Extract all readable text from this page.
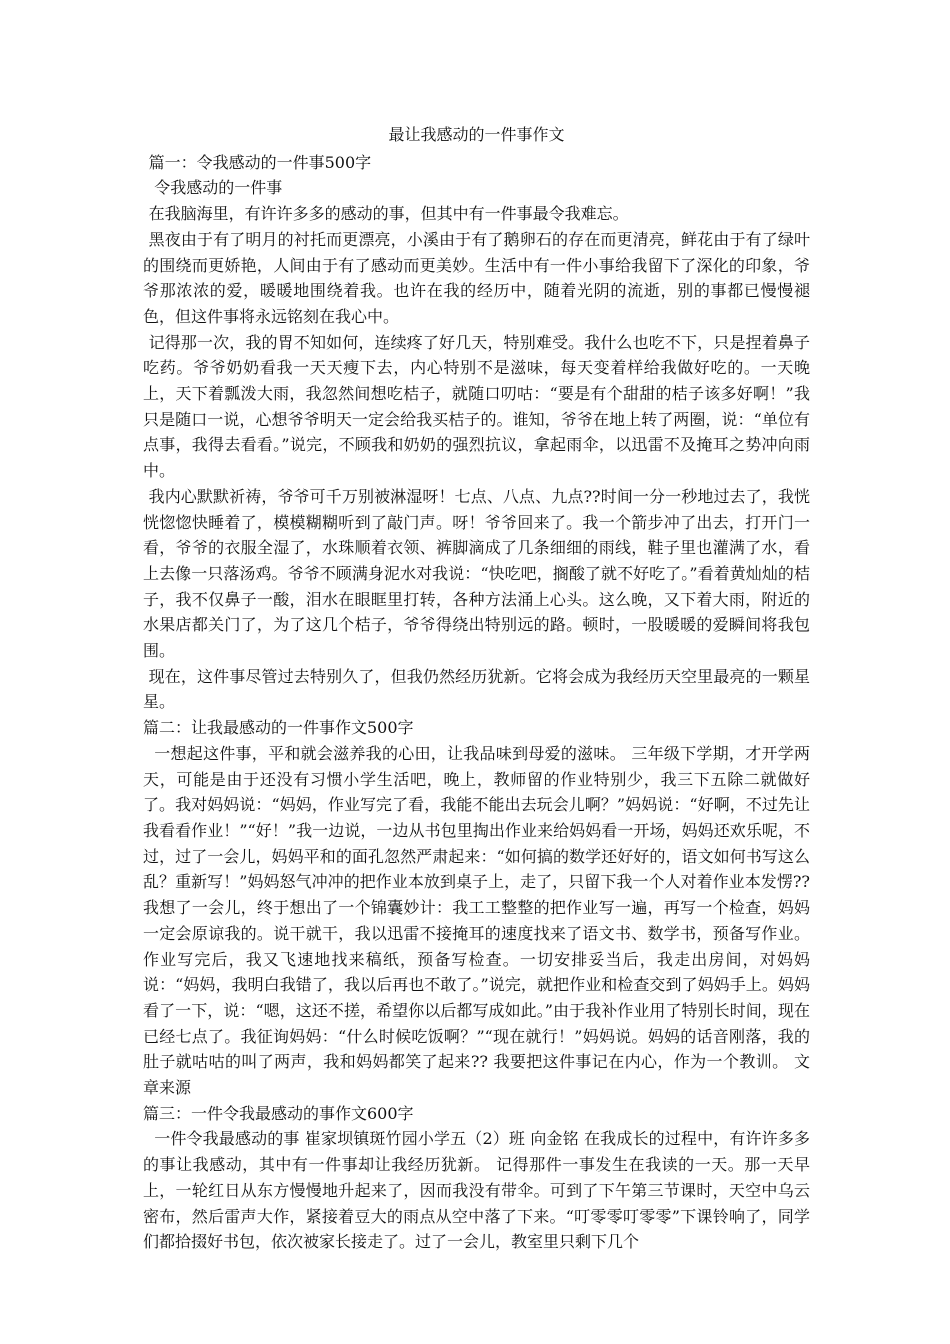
最让我感动的一件事作文

篇一：令我感动的一件事500字

令我感动的一件事

在我脑海里，有许许多多的感动的事，但其中有一件事最令我难忘。

黑夜由于有了明月的衬托而更漂亮，小溪由于有了鹅卵石的存在而更清亮，鲜花由于有了绿叶的围绕而更娇艳，人间由于有了感动而更美妙。生活中有一件小事给我留下了深化的印象，爷爷那浓浓的爱，暖暖地围绕着我。也许在我的经历中，随着光阴的流逝，别的事都已慢慢褪色，但这件事将永远铭刻在我心中。

记得那一次，我的胃不知如何，连续疼了好几天，特别难受。我什么也吃不下，只是捏着鼻子吃药。爷爷奶奶看我一天天瘦下去，内心特别不是滋味，每天变着样给我做好吃的。一天晚上，天下着瓢泼大雨，我忽然间想吃桔子，就随口叨咕：“要是有个甜甜的桔子该多好啊！”我只是随口一说，心想爷爷明天一定会给我买桔子的。谁知，爷爷在地上转了两圈，说：“单位有点事，我得去看看。”说完，不顾我和奶奶的强烈抗议，拿起雨伞，以迅雷不及掩耳之势冲向雨中。

我内心默默祈祷，爷爷可千万别被淋湿呀！七点、八点、九点??时间一分一秒地过去了，我恍恍惚惚快睡着了，模模糊糊听到了敲门声。呀！爷爷回来了。我一个箭步冲了出去，打开门一看，爷爷的衣服全湿了，水珠顺着衣领、裤脚滴成了几条细细的雨线，鞋子里也灌满了水，看上去像一只落汤鸡。爷爷不顾满身泥水对我说：“快吃吧，搁酸了就不好吃了。”看着黄灿灿的桔子，我不仅鼻子一酸，泪水在眼眶里打转，各种方法涌上心头。这么晚，又下着大雨，附近的水果店都关门了，为了这几个桔子，爷爷得绕出特别远的路。顿时，一股暖暖的爱瞬间将我包围。

现在，这件事尽管过去特别久了，但我仍然经历犹新。它将会成为我经历天空里最亮的一颗星星。

篇二：让我最感动的一件事作文500字

一想起这件事，平和就会滋养我的心田，让我品味到母爱的滋味。 三年级下学期，才开学两天，可能是由于还没有习惯小学生活吧，晚上，教师留的作业特别少，我三下五除二就做好了。我对妈妈说：“妈妈，作业写完了看，我能不能出去玩会儿啊？”妈妈说：“好啊，不过先让我看看作业！”“好！”我一边说，一边从书包里掏出作业来给妈妈看一开场，妈妈还欢乐呢，不过，过了一会儿，妈妈平和的面孔忽然严肃起来：“如何搞的数学还好好的，语文如何书写这么乱？重新写！”妈妈怒气冲冲的把作业本放到桌子上，走了，只留下我一个人对着作业本发愣?? 我想了一会儿，终于想出了一个锦囊妙计：我工工整整的把作业写一遍，再写一个检查，妈妈一定会原谅我的。说干就干，我以迅雷不接掩耳的速度找来了语文书、数学书，预备写作业。作业写完后，我又飞速地找来稿纸，预备写检查。一切安排妥当后，我走出房间，对妈妈说：“妈妈，我明白我错了，我以后再也不敢了。”说完，就把作业和检查交到了妈妈手上。妈妈看了一下，说：“嗯，这还不搓，希望你以后都写成如此。”由于我补作业用了特别长时间，现在已经七点了。我征询妈妈：“什么时候吃饭啊？”“现在就行！”妈妈说。妈妈的话音刚落，我的肚子就咕咕的叫了两声，我和妈妈都笑了起来?? 我要把这件事记在内心，作为一个教训。 文章来源

篇三：一件令我最感动的事作文600字

一件令我最感动的事 崔家坝镇斑竹园小学五（2）班 向金铭 在我成长的过程中，有许许多多的事让我感动，其中有一件事却让我经历犹新。 记得那件一事发生在我读的一天。那一天早上，一轮红日从东方慢慢地升起来了，因而我没有带伞。可到了下午第三节课时，天空中乌云密布，然后雷声大作，紧接着豆大的雨点从空中落了下来。“叮零零叮零零”下课铃响了，同学们都拾掇好书包，依次被家长接走了。过了一会儿，教室里只剩下几个
